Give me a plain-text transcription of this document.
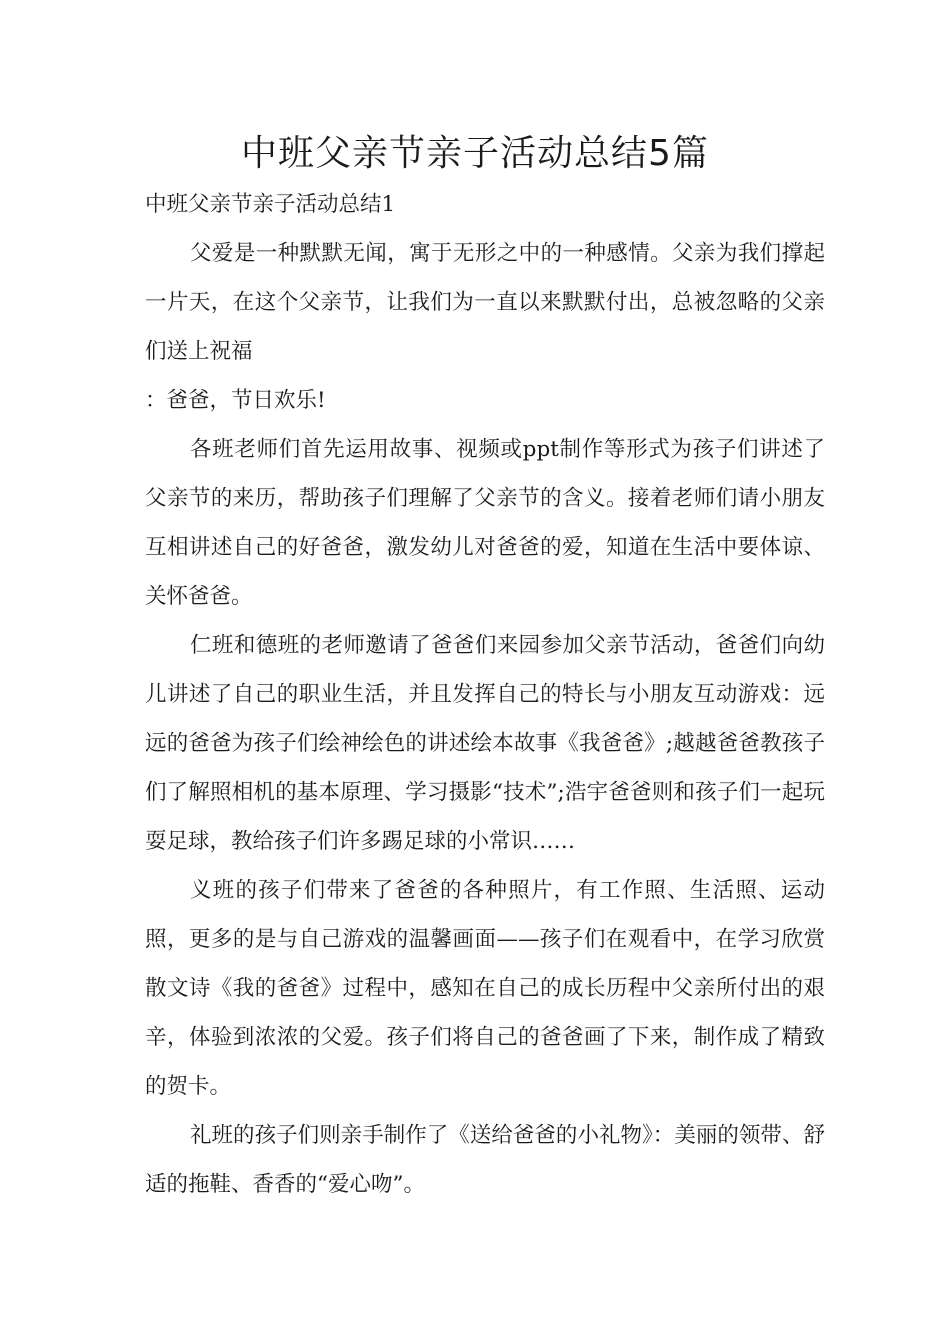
中班父亲节亲子活动总结5篇

中班父亲节亲子活动总结1

父爱是一种默默无闻，寓于无形之中的一种感情。父亲为我们撑起一片天，在这个父亲节，让我们为一直以来默默付出，总被忽略的父亲们送上祝福

：爸爸，节日欢乐!

各班老师们首先运用故事、视频或ppt制作等形式为孩子们讲述了父亲节的来历，帮助孩子们理解了父亲节的含义。接着老师们请小朋友互相讲述自己的好爸爸，激发幼儿对爸爸的爱，知道在生活中要体谅、关怀爸爸。

仁班和德班的老师邀请了爸爸们来园参加父亲节活动，爸爸们向幼儿讲述了自己的职业生活，并且发挥自己的特长与小朋友互动游戏：远远的爸爸为孩子们绘神绘色的讲述绘本故事《我爸爸》;越越爸爸教孩子们了解照相机的基本原理、学习摄影“技术”;浩宇爸爸则和孩子们一起玩耍足球，教给孩子们许多踢足球的小常识……

义班的孩子们带来了爸爸的各种照片，有工作照、生活照、运动照，更多的是与自己游戏的温馨画面——孩子们在观看中，在学习欣赏散文诗《我的爸爸》过程中，感知在自己的成长历程中父亲所付出的艰辛，体验到浓浓的父爱。孩子们将自己的爸爸画了下来，制作成了精致的贺卡。

礼班的孩子们则亲手制作了《送给爸爸的小礼物》：美丽的领带、舒适的拖鞋、香香的“爱心吻”。
